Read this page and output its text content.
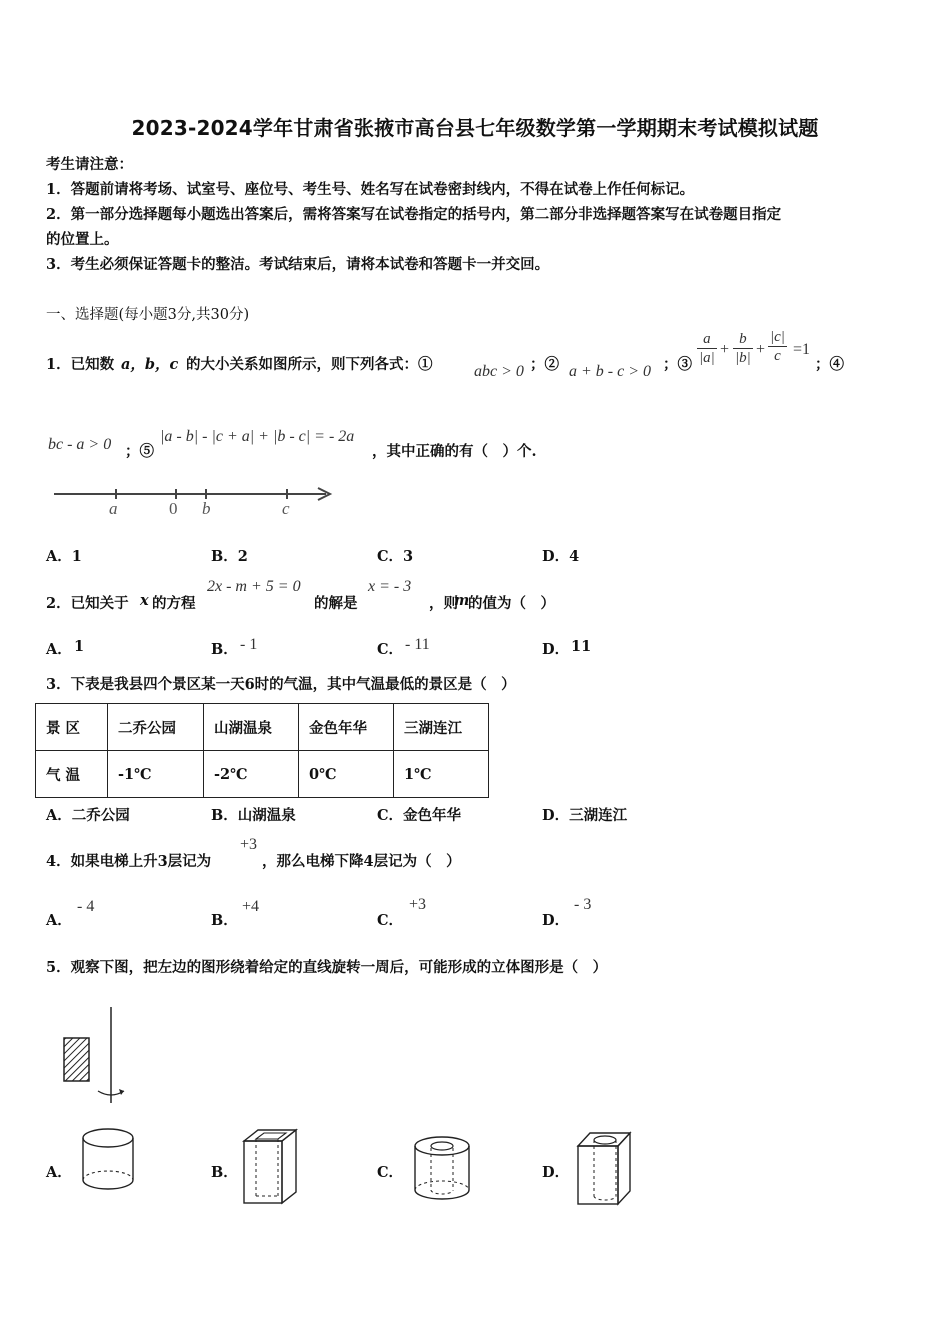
2023-2024学年甘肃省张掖市高台县七年级数学第一学期期末考试模拟试题
考生请注意：
1．答题前请将考场、试室号、座位号、考生号、姓名写在试卷密封线内，不得在试卷上作任何标记。
2．第一部分选择题每小题选出答案后，需将答案写在试卷指定的括号内，第二部分非选择题答案写在试卷题目指定
的位置上。
3．考生必须保证答题卡的整洁。考试结束后，请将本试卷和答题卡一并交回。
一、选择题(每小题3分,共30分)
1．已知数 a，b，c 的大小关系如图所示，则下列各式：①	abc > 0 ；② a + b - c > 0 ；③
a
|a| +
b
|b| +
|c|
c =1
；④
bc - a > 0 ；⑤
|a - b| - |c + a| + |b - c| = - 2a
，其中正确的有（　）个.
a	0 b	c
A．1	B．2	C．3	D．4
2．已知关于 x 的方程
2x - m + 5 = 0
的解是
x = - 3
，则
m
的值为（　）
A． 1	B． - 1	C． - 11	D． 11
3．下表是我县四个景区某一天6时的气温，其中气温最低的景区是（　）
景 区	二乔公园	山湖温泉	金色年华	三湖连江
气 温	-1℃	-2℃	0℃	1℃
A．二乔公园	B．山湖温泉	C．金色年华	D．三湖连江
4．如果电梯上升3层记为
+3
，那么电梯下降4层记为（　）
A．
- 4
B．
+4
C．
+3
D．
- 3
5．观察下图，把左边的图形绕着给定的直线旋转一周后，可能形成的立体图形是（　）
A．	B．	C．	D．
